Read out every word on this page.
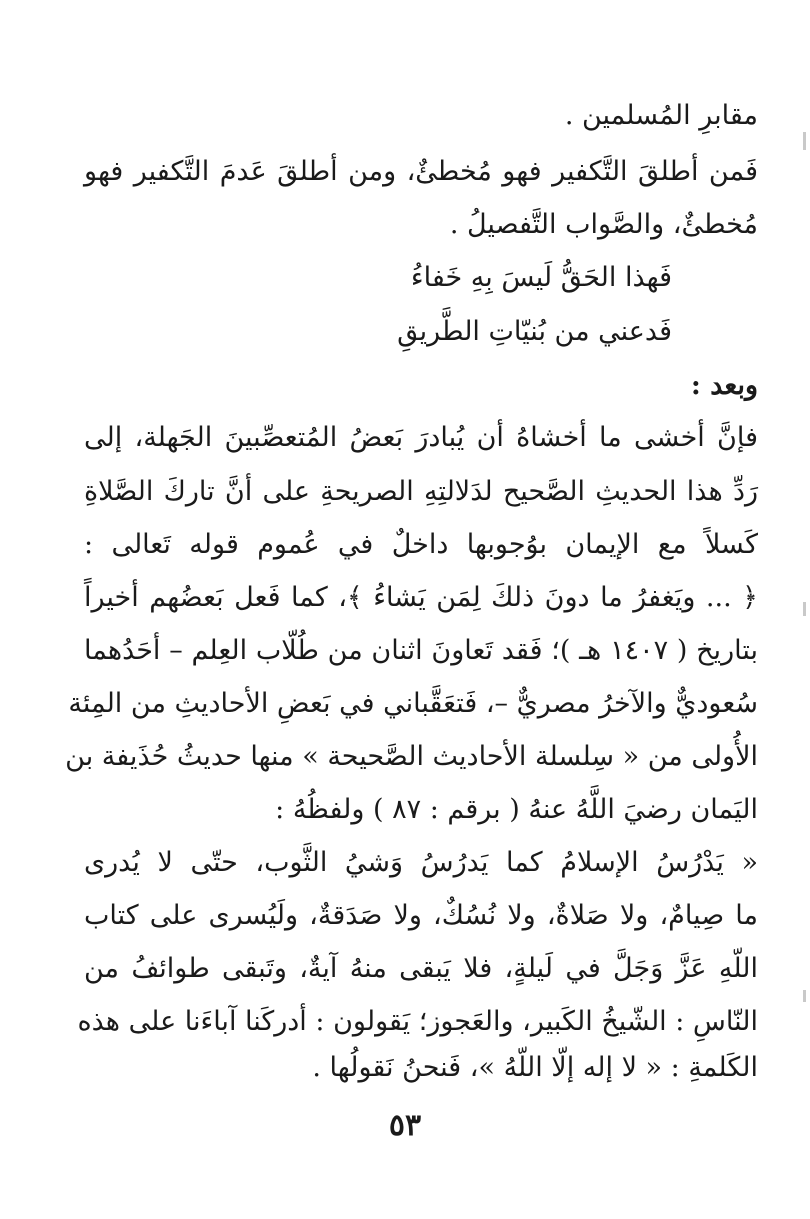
مقابرِ المُسلمين .
فَمن أطلقَ التَّكفير فهو مُخطئٌ، ومن أطلقَ عَدمَ التَّكفير فهو
مُخطئٌ، والصَّواب التَّفصيلُ .
فَهذا الحَقُّ لَيسَ بِهِ خَفاءُ
فَدعني من بُنيّاتِ الطَّريقِ
وبعد :
فإنَّ أخشى ما أخشاهُ أن يُبادرَ بَعضُ المُتعصِّبينَ الجَهلة، إلى
رَدِّ هذا الحديثِ الصَّحيح لدَلالتِهِ الصريحةِ على أنَّ تاركَ الصَّلاةِ
كَسلاً مع الإيمان بوُجوبها داخلٌ في عُموم قوله تَعالى :
﴿ ... ويَغفرُ ما دونَ ذلكَ لِمَن يَشاءُ ﴾، كما فَعل بَعضُهم أخيراً
بتاريخ ( ١٤٠٧ هـ )؛ فَقد تَعاونَ اثنان من طُلّاب العِلم – أحَدُهما
سُعوديٌّ والآخرُ مصريٌّ –، فَتعَقَّباني في بَعضِ الأحاديثِ من المِئة
الأُولى من « سِلسلة الأحاديث الصَّحيحة » منها حديثُ حُذَيفة بن
اليَمان رضيَ اللَّهُ عنهُ ( برقم : ٨٧ ) ولفظُهُ :
« يَدْرُسُ الإسلامُ كما يَدرُسُ وَشيُ الثَّوب، حتّى لا يُدرى
ما صِيامٌ، ولا صَلاةٌ، ولا نُسُكٌ، ولا صَدَقةٌ، ولَيُسرى على كتاب
اللّهِ عَزَّ وَجَلَّ في لَيلةٍ، فلا يَبقى منهُ آيةٌ، وتَبقى طوائفُ من
النّاسِ : الشّيخُ الكَبير، والعَجوز؛ يَقولون : أدركَنا آباءَنا على هذه
الكَلمةِ : « لا إله إلّا اللّهُ »، فَنحنُ نَقولُها .
٥٣
